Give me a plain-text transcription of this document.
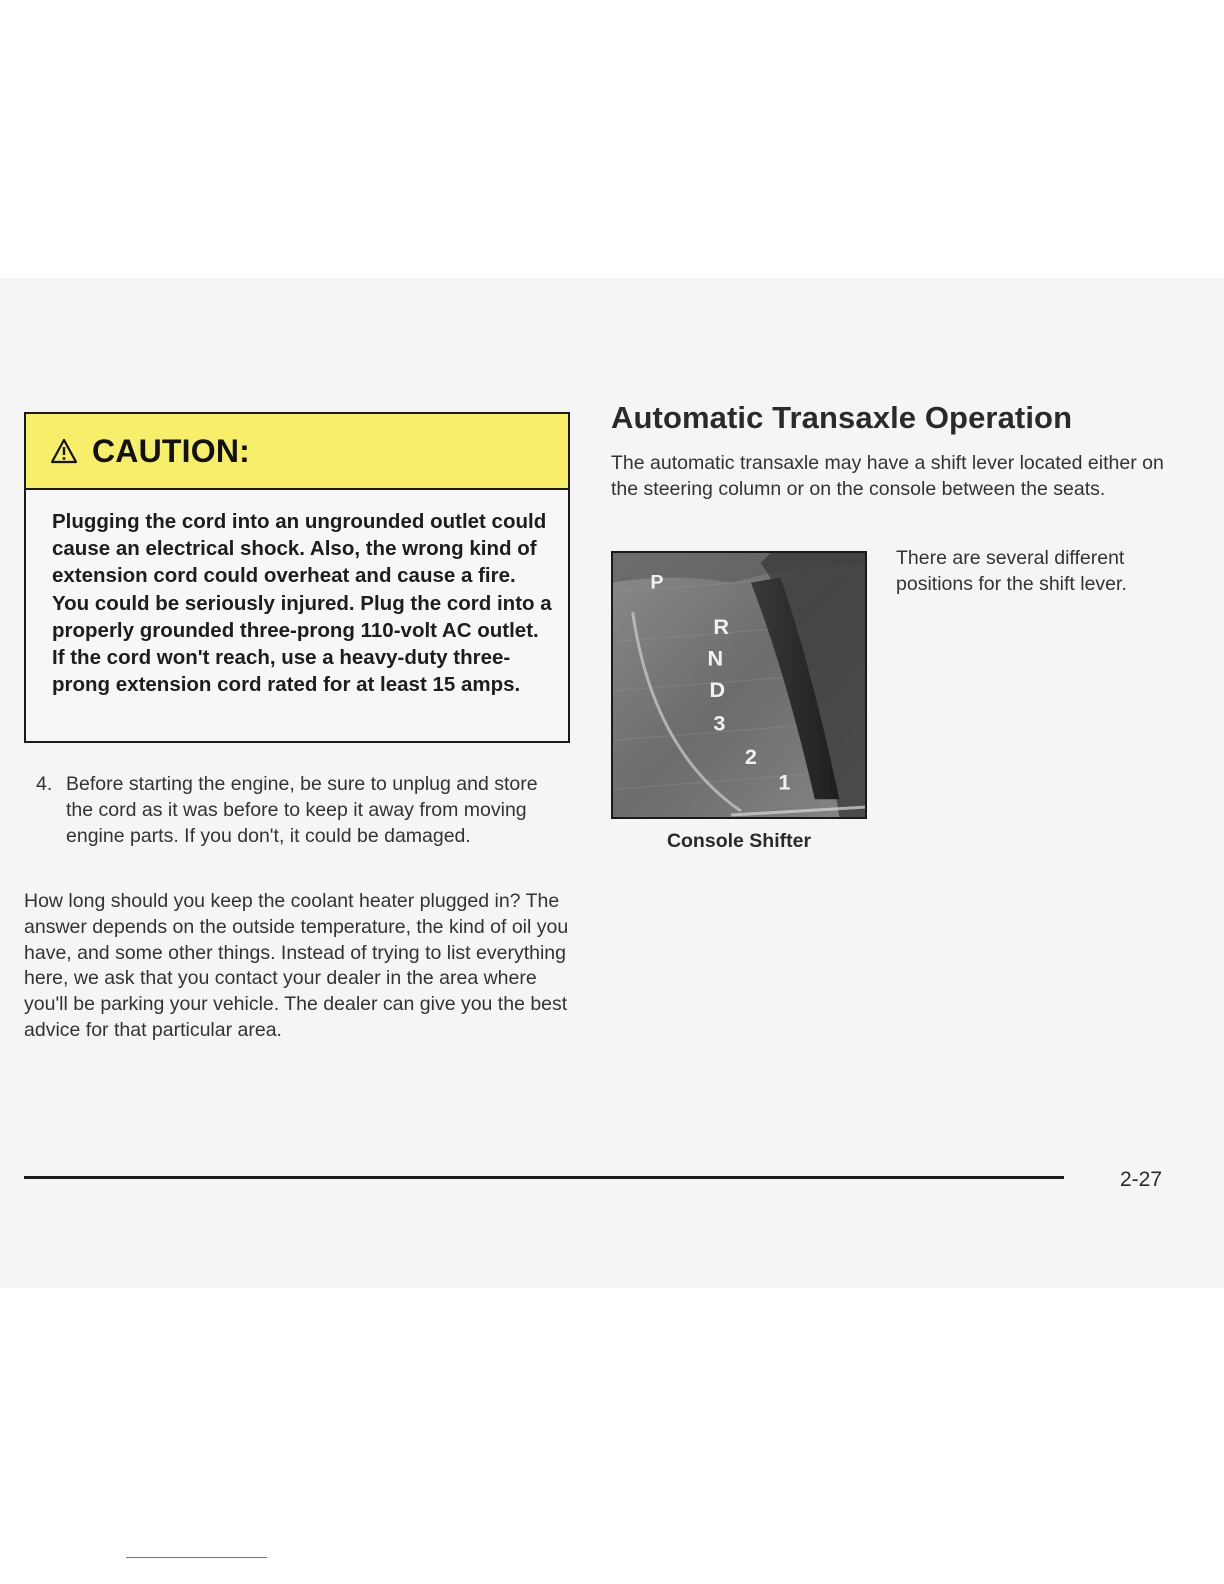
CAUTION:
Plugging the cord into an ungrounded outlet could cause an electrical shock. Also, the wrong kind of extension cord could overheat and cause a fire. You could be seriously injured. Plug the cord into a properly grounded three-prong 110-volt AC outlet. If the cord won't reach, use a heavy-duty three-prong extension cord rated for at least 15 amps.
4. Before starting the engine, be sure to unplug and store the cord as it was before to keep it away from moving engine parts. If you don't, it could be damaged.
How long should you keep the coolant heater plugged in? The answer depends on the outside temperature, the kind of oil you have, and some other things. Instead of trying to list everything here, we ask that you contact your dealer in the area where you'll be parking your vehicle. The dealer can give you the best advice for that particular area.
Automatic Transaxle Operation
The automatic transaxle may have a shift lever located either on the steering column or on the console between the seats.
P
R
N
D
3
2
1
Console Shifter
There are several different positions for the shift lever.
2-27
